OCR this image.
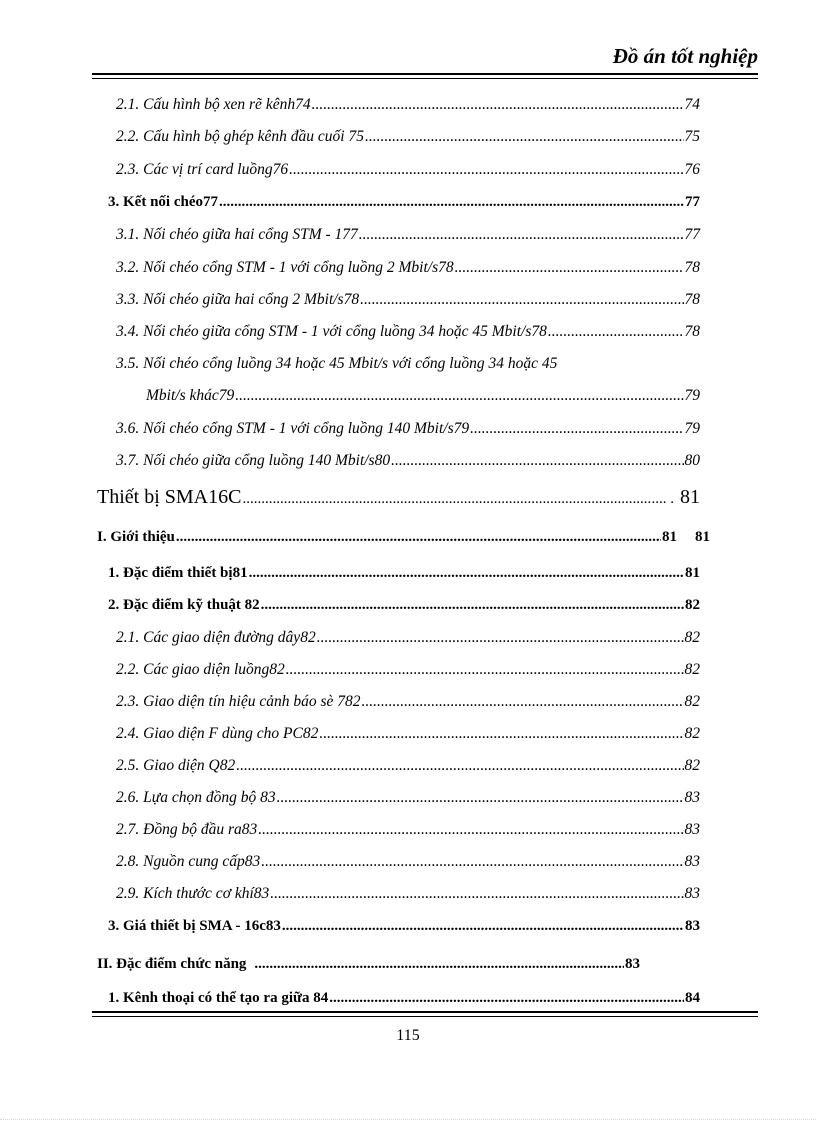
Đồ án tốt nghiệp
2.1. Cấu hình bộ xen rẽ kênh74 .....	74
2.2. Cấu hình bộ ghép kênh đầu cuối 75 .....	75
2.3. Các vị trí card luồng76 .....	76
3. Kết nối chéo77 .....	77
3.1. Nối chéo giữa hai cổng STM - 177 .....	77
3.2. Nối chéo cổng STM - 1 với cổng luồng 2 Mbit/s78 .....	78
3.3. Nối chéo giữa hai cổng 2 Mbit/s78 .....	78
3.4. Nối chéo giữa cổng STM - 1 với cổng luồng 34 hoặc 45 Mbit/s78 .....	78
3.5. Nối chéo cổng luồng 34 hoặc 45 Mbit/s với cổng luồng 34 hoặc 45
Mbit/s khác79 .....	79
3.6. Nối chéo cổng STM - 1 với cổng luồng 140 Mbit/s79 .....	79
3.7. Nối chéo giữa cổng luồng 140 Mbit/s80 .....	80
Thiết bị SMA16C .....	.... . 81
I. Giới thiệu .....	81 81
1. Đặc điểm thiết bị81 .....	81
2. Đặc điểm kỹ thuật 82 .....	82
2.1. Các giao diện đường dây82 .....	82
2.2. Các giao diện luồng82 .....	82
2.3. Giao diện tín hiệu cảnh báo sè 782 .....	82
2.4. Giao diện F dùng cho PC82 .....	82
2.5. Giao diện Q82 .....	82
2.6. Lựa chọn đồng bộ 83 .....	83
2.7. Đồng bộ đầu ra83 .....	83
2.8. Nguồn cung cấp83 .....	83
2.9. Kích thước cơ khí83 .....	83
3. Giá thiết bị SMA - 16c83 .....	83
II. Đặc điểm chức năng .....	83
1. Kênh thoại có thể tạo ra giữa 84 .....	84
115
